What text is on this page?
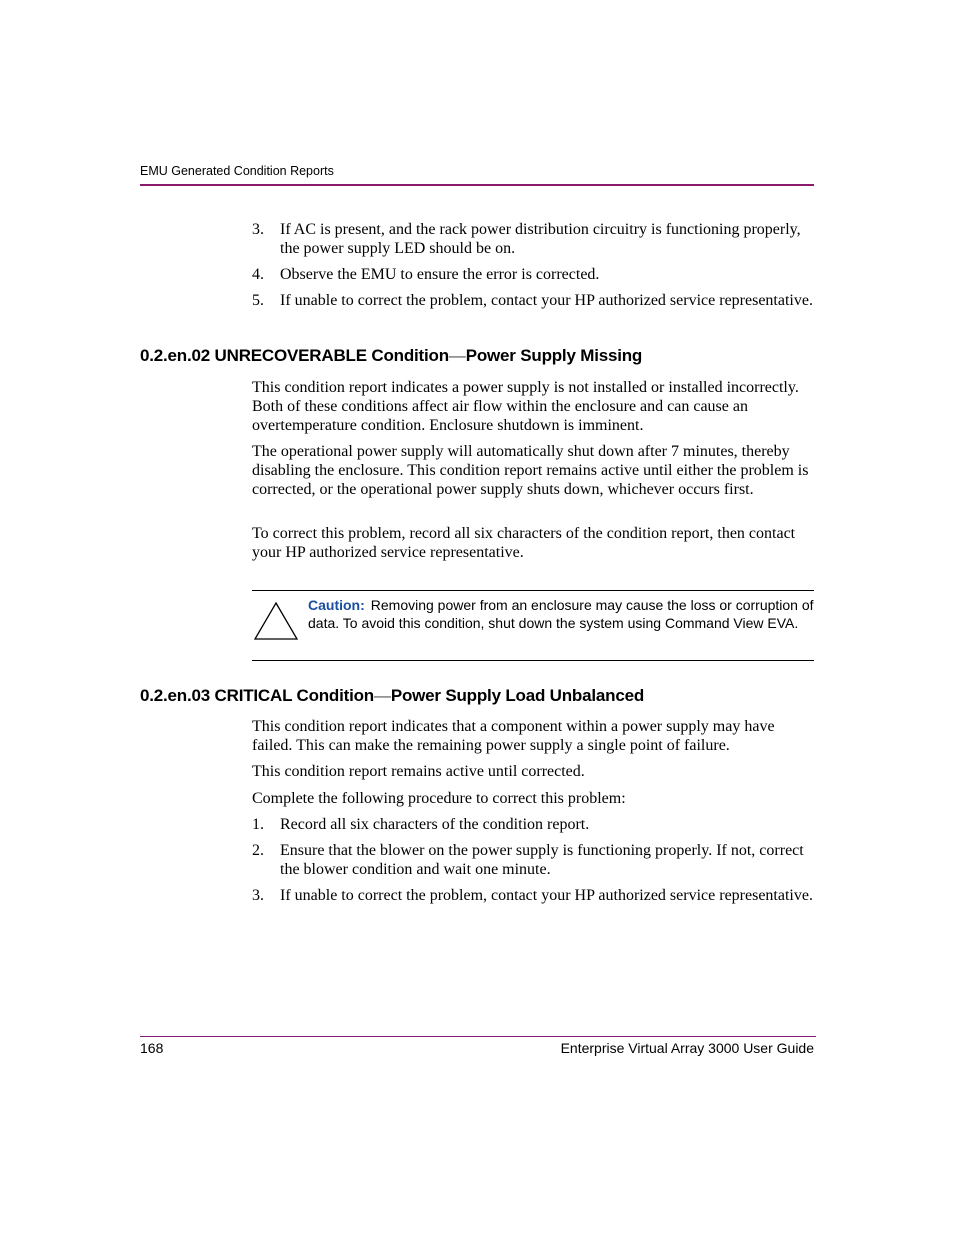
EMU Generated Condition Reports
3. If AC is present, and the rack power distribution circuitry is functioning properly, the power supply LED should be on.
4. Observe the EMU to ensure the error is corrected.
5. If unable to correct the problem, contact your HP authorized service representative.
0.2.en.02 UNRECOVERABLE Condition—Power Supply Missing

This condition report indicates a power supply is not installed or installed incorrectly. Both of these conditions affect air flow within the enclosure and can cause an overtemperature condition. Enclosure shutdown is imminent.

The operational power supply will automatically shut down after 7 minutes, thereby disabling the enclosure. This condition report remains active until either the problem is corrected, or the operational power supply shuts down, whichever occurs first.

To correct this problem, record all six characters of the condition report, then contact your HP authorized service representative.

Caution: Removing power from an enclosure may cause the loss or corruption of data. To avoid this condition, shut down the system using Command View EVA.
0.2.en.03 CRITICAL Condition—Power Supply Load Unbalanced

This condition report indicates that a component within a power supply may have failed. This can make the remaining power supply a single point of failure.

This condition report remains active until corrected.

Complete the following procedure to correct this problem:

1. Record all six characters of the condition report.
2. Ensure that the blower on the power supply is functioning properly. If not, correct the blower condition and wait one minute.
3. If unable to correct the problem, contact your HP authorized service representative.
168	Enterprise Virtual Array 3000 User Guide
